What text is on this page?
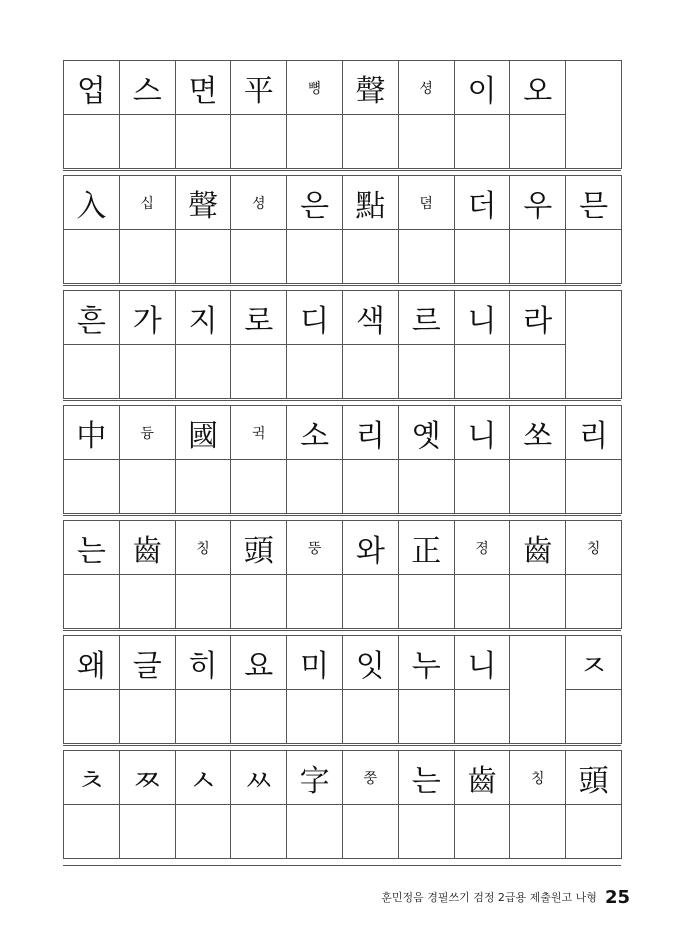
업 스 면 平 뼝 聲 셩 이 오
入 십 聲 셩 은 點 뎜 더 우 믄
흔 가 지 로 디 색 르 니 라
中 듕 國 귁 소 리 옛 니 쏘 리
는 齒 칭 頭 뚱 와 正 졍 齒 칭
왜 글 히 요 미 잇 누 니	ㅈ
ㅊ ㅉ ㅅ ㅆ 字 쭝 는 齒 칭 頭
훈민정음 경필쓰기 검정 2급용 제출원고 나형 25
